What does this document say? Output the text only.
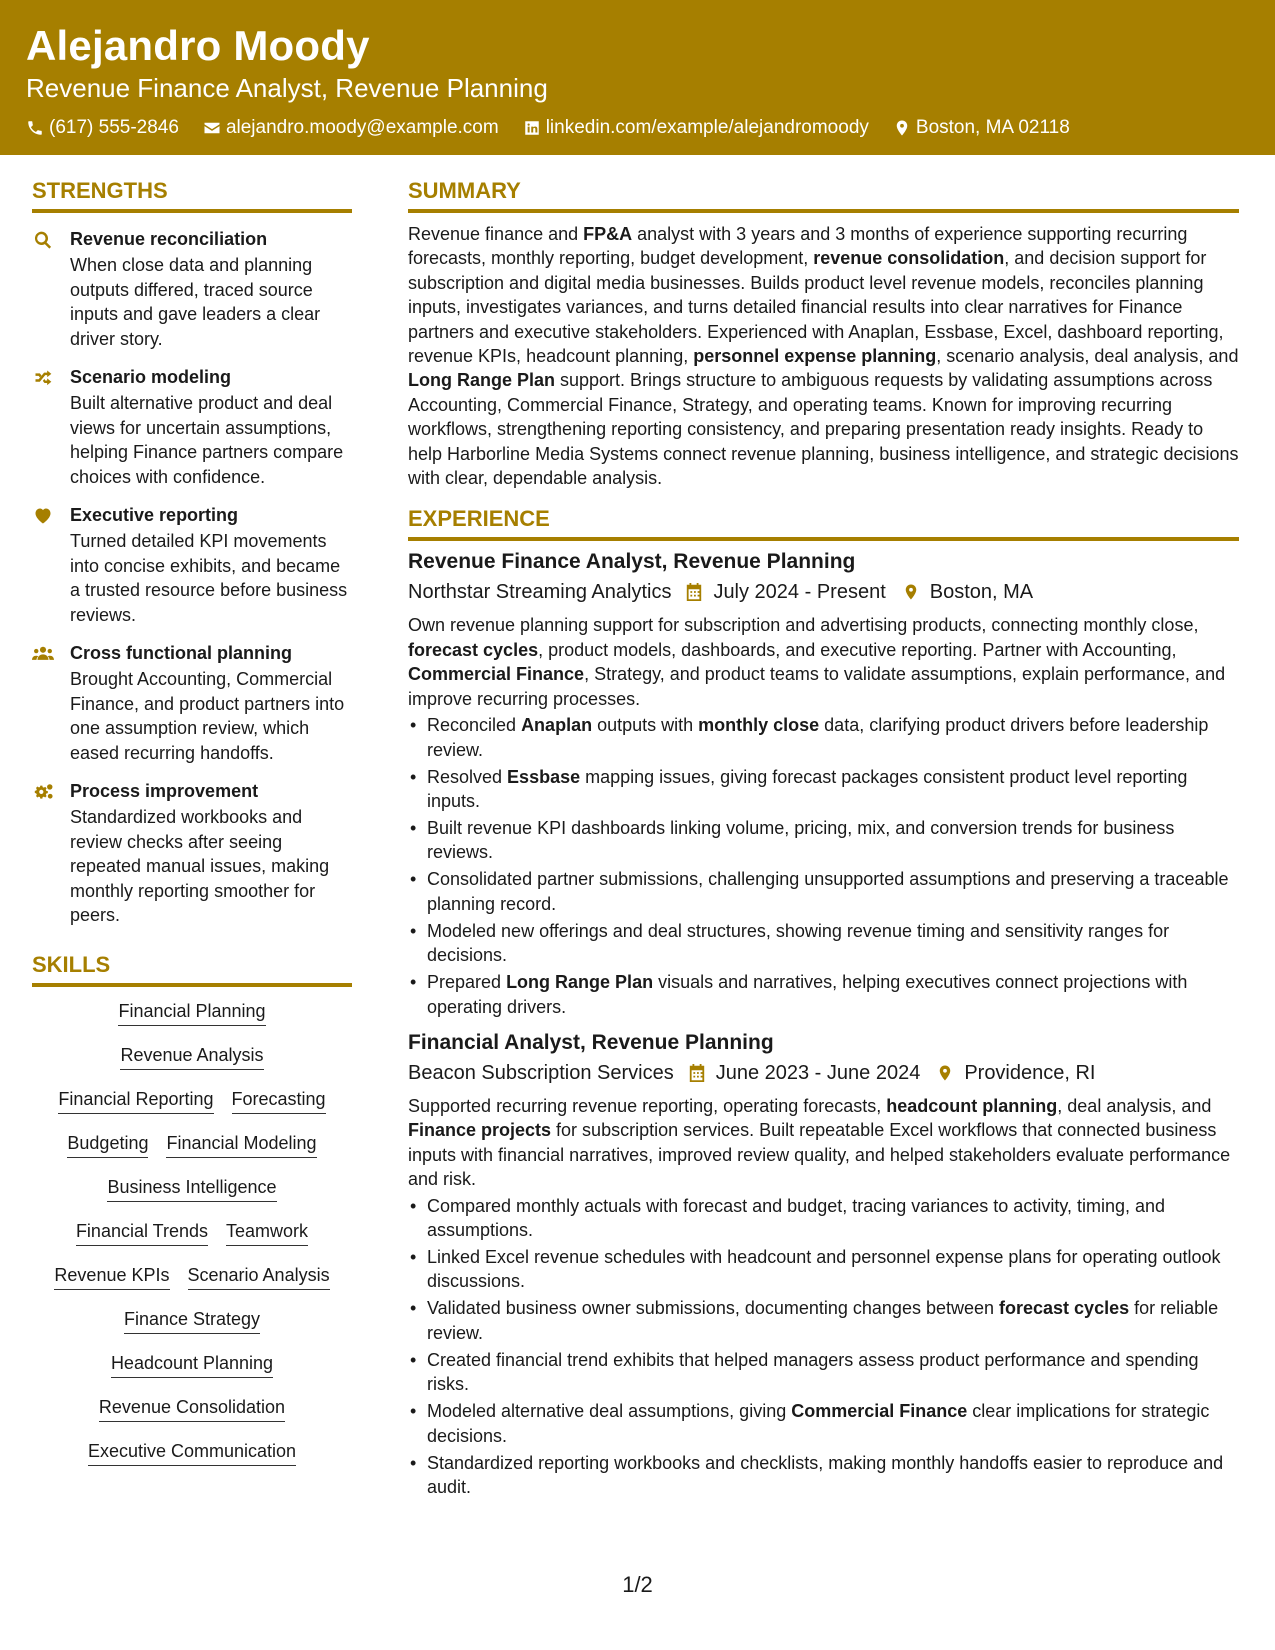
Alejandro Moody
Revenue Finance Analyst, Revenue Planning
(617) 555-2846 alejandro.moody@example.com linkedin.com/example/alejandromoody Boston, MA 02118
STRENGTHS
Revenue reconciliation
When close data and planning outputs differed, traced source inputs and gave leaders a clear driver story.
Scenario modeling
Built alternative product and deal views for uncertain assumptions, helping Finance partners compare choices with confidence.
Executive reporting
Turned detailed KPI movements into concise exhibits, and became a trusted resource before business reviews.
Cross functional planning
Brought Accounting, Commercial Finance, and product partners into one assumption review, which eased recurring handoffs.
Process improvement
Standardized workbooks and review checks after seeing repeated manual issues, making monthly reporting smoother for peers.
SKILLS
Financial Planning
Revenue Analysis
Financial Reporting Forecasting
Budgeting Financial Modeling
Business Intelligence
Financial Trends Teamwork
Revenue KPIs Scenario Analysis
Finance Strategy
Headcount Planning
Revenue Consolidation
Executive Communication
SUMMARY
Revenue finance and FP&A analyst with 3 years and 3 months of experience supporting recurring forecasts, monthly reporting, budget development, revenue consolidation, and decision support for subscription and digital media businesses. Builds product level revenue models, reconciles planning inputs, investigates variances, and turns detailed financial results into clear narratives for Finance partners and executive stakeholders. Experienced with Anaplan, Essbase, Excel, dashboard reporting, revenue KPIs, headcount planning, personnel expense planning, scenario analysis, deal analysis, and Long Range Plan support. Brings structure to ambiguous requests by validating assumptions across Accounting, Commercial Finance, Strategy, and operating teams. Known for improving recurring workflows, strengthening reporting consistency, and preparing presentation ready insights. Ready to help Harborline Media Systems connect revenue planning, business intelligence, and strategic decisions with clear, dependable analysis.
EXPERIENCE
Revenue Finance Analyst, Revenue Planning
Northstar Streaming Analytics July 2024 - Present Boston, MA
Own revenue planning support for subscription and advertising products, connecting monthly close, forecast cycles, product models, dashboards, and executive reporting. Partner with Accounting, Commercial Finance, Strategy, and product teams to validate assumptions, explain performance, and improve recurring processes.
• Reconciled Anaplan outputs with monthly close data, clarifying product drivers before leadership review.
• Resolved Essbase mapping issues, giving forecast packages consistent product level reporting inputs.
• Built revenue KPI dashboards linking volume, pricing, mix, and conversion trends for business reviews.
• Consolidated partner submissions, challenging unsupported assumptions and preserving a traceable planning record.
• Modeled new offerings and deal structures, showing revenue timing and sensitivity ranges for decisions.
• Prepared Long Range Plan visuals and narratives, helping executives connect projections with operating drivers.
Financial Analyst, Revenue Planning
Beacon Subscription Services June 2023 - June 2024 Providence, RI
Supported recurring revenue reporting, operating forecasts, headcount planning, deal analysis, and Finance projects for subscription services. Built repeatable Excel workflows that connected business inputs with financial narratives, improved review quality, and helped stakeholders evaluate performance and risk.
• Compared monthly actuals with forecast and budget, tracing variances to activity, timing, and assumptions.
• Linked Excel revenue schedules with headcount and personnel expense plans for operating outlook discussions.
• Validated business owner submissions, documenting changes between forecast cycles for reliable review.
• Created financial trend exhibits that helped managers assess product performance and spending risks.
• Modeled alternative deal assumptions, giving Commercial Finance clear implications for strategic decisions.
• Standardized reporting workbooks and checklists, making monthly handoffs easier to reproduce and audit.
1/2
